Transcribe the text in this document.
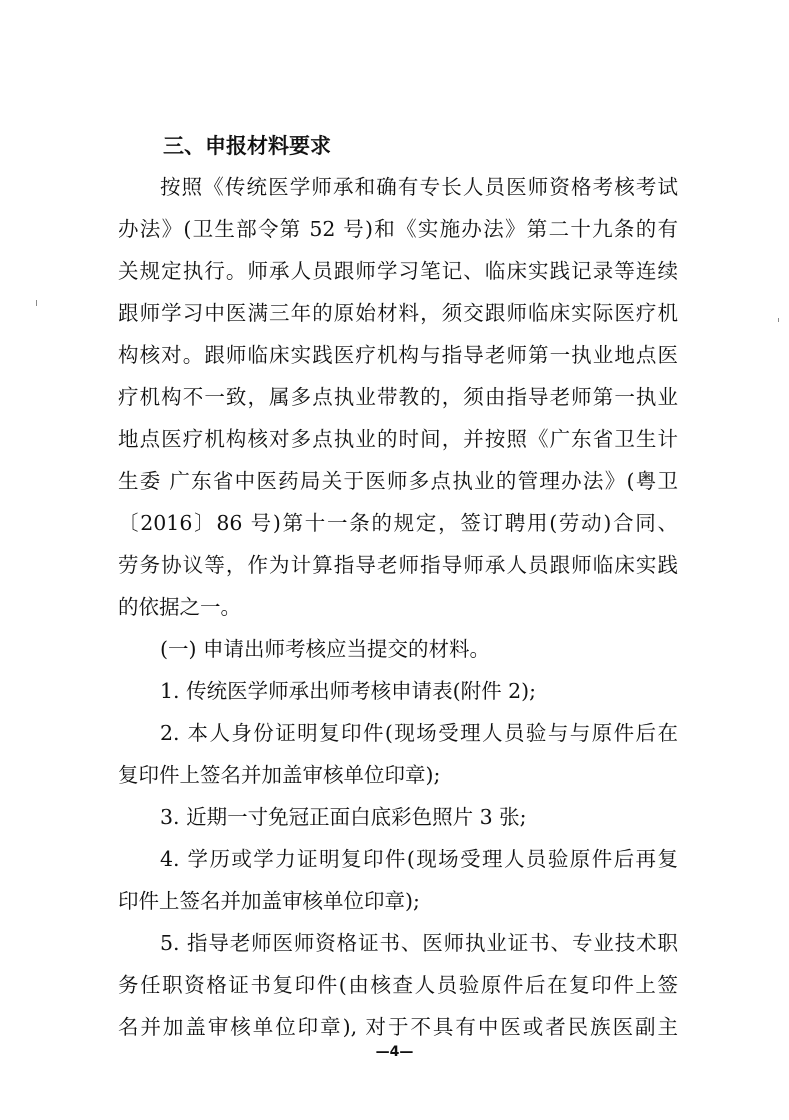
三、申报材料要求
按照《传统医学师承和确有专长人员医师资格考核考试
办法》(卫生部令第 52 号)和《实施办法》第二十九条的有
关规定执行。师承人员跟师学习笔记、临床实践记录等连续
跟师学习中医满三年的原始材料，须交跟师临床实际医疗机
构核对。跟师临床实践医疗机构与指导老师第一执业地点医
疗机构不一致，属多点执业带教的，须由指导老师第一执业
地点医疗机构核对多点执业的时间，并按照《广东省卫生计
生委 广东省中医药局关于医师多点执业的管理办法》(粤卫
〔2016〕86 号)第十一条的规定，签订聘用(劳动)合同、
劳务协议等，作为计算指导老师指导师承人员跟师临床实践
的依据之一。
(一) 申请出师考核应当提交的材料。
1. 传统医学师承出师考核申请表(附件 2);
2. 本人身份证明复印件(现场受理人员验与与原件后在
复印件上签名并加盖审核单位印章);
3. 近期一寸免冠正面白底彩色照片 3 张;
4. 学历或学力证明复印件(现场受理人员验原件后再复
印件上签名并加盖审核单位印章);
5. 指导老师医师资格证书、医师执业证书、专业技术职
务任职资格证书复印件(由核查人员验原件后在复印件上签
名并加盖审核单位印章), 对于不具有中医或者民族医副主
—4—
